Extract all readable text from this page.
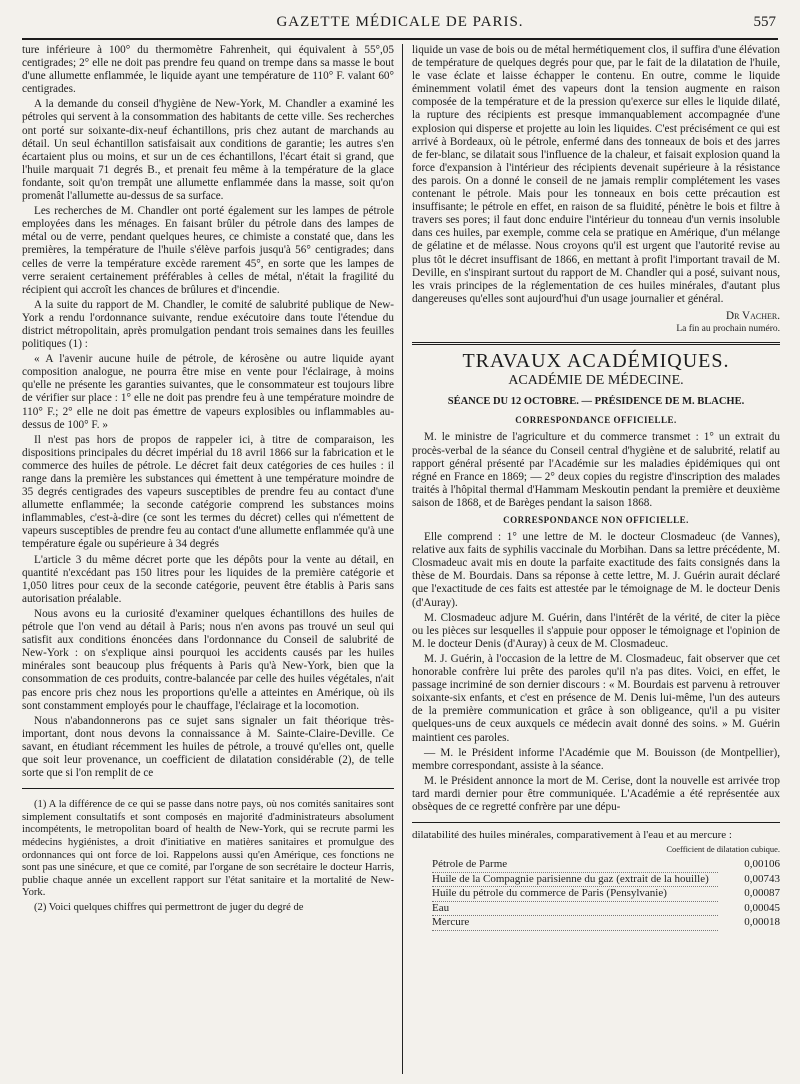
GAZETTE MÉDICALE DE PARIS.	557

ture inférieure à 100° du thermomètre Fahrenheit, qui équivalent à 55°,05 centigrades; 2° elle ne doit pas prendre feu quand on trempe dans sa masse le bout d'une allumette enflammée, le liquide ayant une température de 110° F. valant 60° centigrades.

A la demande du conseil d'hygiène de New-York, M. Chandler a examiné les pétroles qui servent à la consommation des habitants de cette ville. Ses recherches ont porté sur soixante-dix-neuf échantillons, pris chez autant de marchands au détail. Un seul échantillon satisfaisait aux conditions de garantie; les autres s'en écartaient plus ou moins, et sur un de ces échantillons, l'écart était si grand, que l'huile marquait 71 degrés B., et prenait feu même à la température de la glace fondante, soit qu'on trempât une allumette enflammée dans la masse, soit qu'on promenât l'allumette au-dessus de sa surface.

Les recherches de M. Chandler ont porté également sur les lampes de pétrole employées dans les ménages. En faisant brûler du pétrole dans des lampes de métal ou de verre, pendant quelques heures, ce chimiste a constaté que, dans les premières, la température de l'huile s'élève parfois jusqu'à 56° centigrades; dans celles de verre la température excède rarement 45°, en sorte que les lampes de verre seraient certainement préférables à celles de métal, n'était la fragilité du récipient qui accroît les chances de brûlures et d'incendie.

A la suite du rapport de M. Chandler, le comité de salubrité publique de New-York a rendu l'ordonnance suivante, rendue exécutoire dans toute l'étendue du district métropolitain, après promulgation pendant trois semaines dans les feuilles politiques (1) :

« A l'avenir aucune huile de pétrole, de kérosène ou autre liquide ayant composition analogue, ne pourra être mise en vente pour l'éclairage, à moins qu'elle ne présente les garanties suivantes, que le consommateur est toujours libre de vérifier sur place : 1° elle ne doit pas prendre feu à une température moindre de 110° F.; 2° elle ne doit pas émettre de vapeurs explosibles ou inflammables au-dessus de 100° F. »

Il n'est pas hors de propos de rappeler ici, à titre de comparaison, les dispositions principales du décret impérial du 18 avril 1866 sur la fabrication et le commerce des huiles de pétrole. Le décret fait deux catégories de ces huiles : il range dans la première les substances qui émettent à une température moindre de 35 degrés centigrades des vapeurs susceptibles de prendre feu au contact d'une allumette enflammée; la seconde catégorie comprend les substances moins inflammables, c'est-à-dire (ce sont les termes du décret) celles qui n'émettent de vapeurs susceptibles de prendre feu au contact d'une allumette enflammée qu'à une température égale ou supérieure à 34 degrés

L'article 3 du même décret porte que les dépôts pour la vente au détail, en quantité n'excédant pas 150 litres pour les liquides de la première catégorie et 1,050 litres pour ceux de la seconde catégorie, peuvent être établis à Paris sans autorisation préalable.

Nous avons eu la curiosité d'examiner quelques échantillons des huiles de pétrole que l'on vend au détail à Paris; nous n'en avons pas trouvé un seul qui satisfit aux conditions énoncées dans l'ordonnance du Conseil de salubrité de New-York : on s'explique ainsi pourquoi les accidents causés par les huiles minérales sont beaucoup plus fréquents à Paris qu'à New-York, bien que la consommation de ces produits, contre-balancée par celle des huiles végétales, n'ait pas encore pris chez nous les proportions qu'elle a atteintes en Amérique, où ils sont constamment employés pour le chauffage, l'éclairage et la locomotion.

Nous n'abandonnerons pas ce sujet sans signaler un fait théorique très-important, dont nous devons la connaissance à M. Sainte-Claire-Deville. Ce savant, en étudiant récemment les huiles de pétrole, a trouvé qu'elles ont, quelle que soit leur provenance, un coefficient de dilatation considérable (2), de telle sorte que si l'on remplit de ce

(1) A la différence de ce qui se passe dans notre pays, où nos comités sanitaires sont simplement consultatifs et sont composés en majorité d'administrateurs absolument incompétents, le metropolitan board of health de New-York, qui se recrute parmi les médecins hygiénistes, a droit d'initiative en matières sanitaires et promulgue des ordonnances qui ont force de loi. Rappelons aussi qu'en Amérique, ces fonctions ne sont pas une sinécure, et que ce comité, par l'organe de son secrétaire le docteur Harris, publie chaque année un excellent rapport sur l'état sanitaire et la mortalité de New-York.

(2) Voici quelques chiffres qui permettront de juger du degré de

liquide un vase de bois ou de métal hermétiquement clos, il suffira d'une élévation de température de quelques degrés pour que, par le fait de la dilatation de l'huile, le vase éclate et laisse échapper le contenu. En outre, comme le liquide éminemment volatil émet des vapeurs dont la tension augmente en raison composée de la température et de la pression qu'exerce sur elles le liquide dilaté, la rupture des récipients est presque immanquablement accompagnée d'une explosion qui disperse et projette au loin les liquides. C'est précisément ce qui est arrivé à Bordeaux, où le pétrole, enfermé dans des tonneaux de bois et des jarres de fer-blanc, se dilatait sous l'influence de la chaleur, et faisait explosion quand la force d'expansion à l'intérieur des récipients devenait supérieure à la résistance des parois. On a donné le conseil de ne jamais remplir complétement les vases contenant le pétrole. Mais pour les tonneaux en bois cette précaution est insuffisante; le pétrole en effet, en raison de sa fluidité, pénètre le bois et filtre à travers ses pores; il faut donc enduire l'intérieur du tonneau d'un vernis insoluble dans ces huiles, par exemple, comme cela se pratique en Amérique, d'un mélange de gélatine et de mélasse. Nous croyons qu'il est urgent que l'autorité revise au plus tôt le décret insuffisant de 1866, en mettant à profit l'important travail de M. Deville, en s'inspirant surtout du rapport de M. Chandler qui a posé, suivant nous, les vrais principes de la réglementation de ces huiles minérales, d'autant plus dangereuses qu'elles sont aujourd'hui d'un usage journalier et général.

Dr Vacher.
La fin au prochain numéro.
TRAVAUX ACADÉMIQUES.
ACADÉMIE DE MÉDECINE.
SÉANCE DU 12 OCTOBRE. — PRÉSIDENCE DE M. BLACHE.
CORRESPONDANCE OFFICIELLE.

M. le ministre de l'agriculture et du commerce transmet : 1° un extrait du procès-verbal de la séance du Conseil central d'hygiène et de salubrité, relatif au rapport général présenté par l'Académie sur les maladies épidémiques qui ont régné en France en 1869; — 2° deux copies du registre d'inscription des malades traités à l'hôpital thermal d'Hammam Meskoutin pendant la première et deuxième saison de 1868, et de Barèges pendant la saison 1868.

CORRESPONDANCE NON OFFICIELLE.

Elle comprend : 1° une lettre de M. le docteur Closmadeuc (de Vannes), relative aux faits de syphilis vaccinale du Morbihan. Dans sa lettre précédente, M. Closmadeuc avait mis en doute la parfaite exactitude des faits consignés dans la thèse de M. Bourdais. Dans sa réponse à cette lettre, M. J. Guérin aurait déclaré que l'exactitude de ces faits est attestée par le témoignage de M. le docteur Denis (d'Auray).

M. Closmadeuc adjure M. Guérin, dans l'intérêt de la vérité, de citer la pièce ou les pièces sur lesquelles il s'appuie pour opposer le témoignage et l'opinion de M. le docteur Denis (d'Auray) à ceux de M. Closmadeuc.

M. J. Guérin, à l'occasion de la lettre de M. Closmadeuc, fait observer que cet honorable confrère lui prête des paroles qu'il n'a pas dites. Voici, en effet, le passage incriminé de son dernier discours : « M. Bourdais est parvenu à retrouver soixante-six enfants, et c'est en présence de M. Denis lui-même, l'un des auteurs de la première communication et grâce à son obligeance, qu'il a pu visiter quelques-uns de ceux auxquels ce médecin avait donné des soins. » M. Guérin maintient ces paroles.

— M. le Président informe l'Académie que M. Bouisson (de Montpellier), membre correspondant, assiste à la séance.

M. le Président annonce la mort de M. Cerise, dont la nouvelle est arrivée trop tard mardi dernier pour être communiquée. L'Académie a été représentée aux obsèques de ce regretté confrère par une dépu-

dilatabilité des huiles minérales, comparativement à l'eau et au mercure :

Coefficient de dilatation cubique.
Pétrole de Parme	0,00106
Huile de la Compagnie parisienne du gaz (extrait de la houille)	0,00743
Huile du pétrole du commerce de Paris (Pensylvanie)	0,00087
Eau	0,00045
Mercure	0,00018
